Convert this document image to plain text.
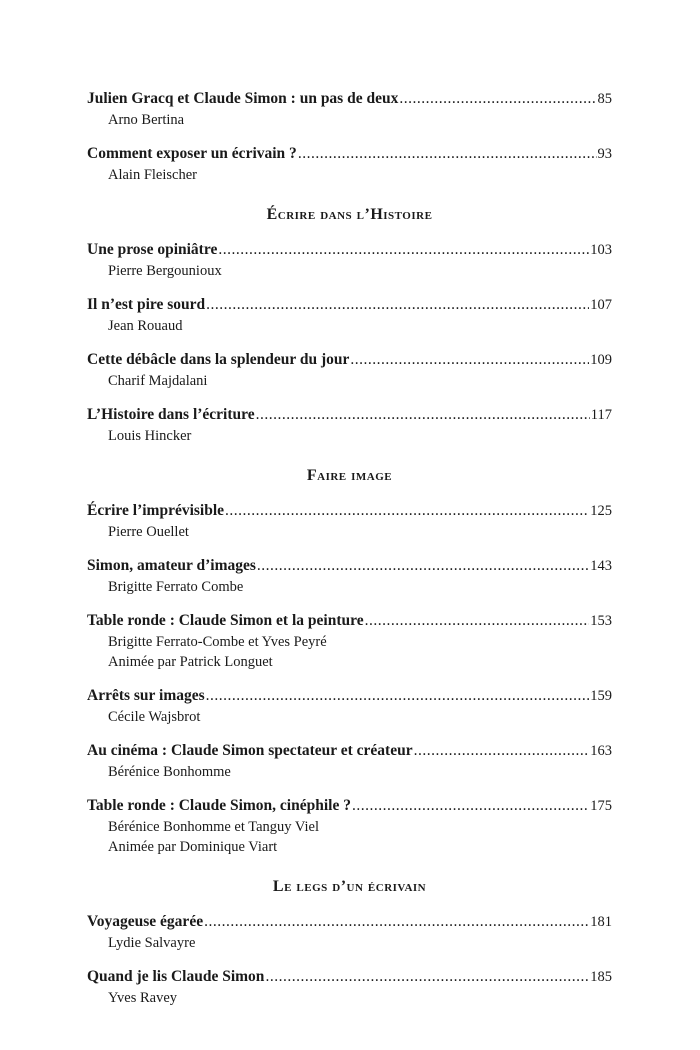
Julien Gracq et Claude Simon : un pas de deux .....	85
Arno Bertina
Comment exposer un écrivain ? .....	93
Alain Fleischer
Écrire dans l’Histoire
Une prose opiniâtre .....	103
Pierre Bergounioux
Il n’est pire sourd .....	107
Jean Rouaud
Cette débâcle dans la splendeur du jour .....	109
Charif Majdalani
L’Histoire dans l’écriture .....	117
Louis Hincker
Faire image
Écrire l’imprévisible .....	125
Pierre Ouellet
Simon, amateur d’images .....	143
Brigitte Ferrato Combe
Table ronde : Claude Simon et la peinture .....	153
Brigitte Ferrato-Combe et Yves Peyré
Animée par Patrick Longuet
Arrêts sur images .....	159
Cécile Wajsbrot
Au cinéma : Claude Simon spectateur et créateur .....	163
Bérénice Bonhomme
Table ronde : Claude Simon, cinéphile ? .....	175
Bérénice Bonhomme et Tanguy Viel
Animée par Dominique Viart
Le legs d’un écrivain
Voyageuse égarée .....	181
Lydie Salvayre
Quand je lis Claude Simon .....	185
Yves Ravey
